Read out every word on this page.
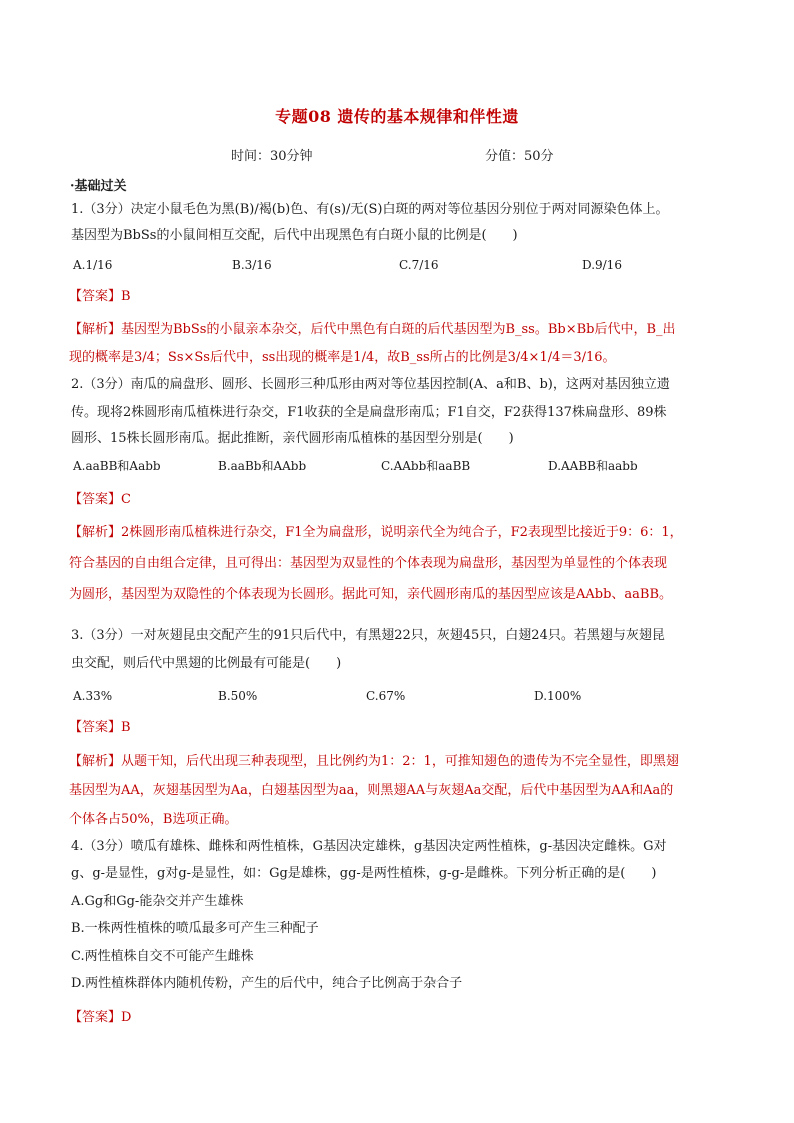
专题08 遗传的基本规律和伴性遗
时间：30分钟	分值：50分
·基础过关
1.（3分）决定小鼠毛色为黑(B)/褐(b)色、有(s)/无(S)白斑的两对等位基因分别位于两对同源染色体上。
基因型为BbSs的小鼠间相互交配，后代中出现黑色有白斑小鼠的比例是(　　)
A.1/16	B.3/16	C.7/16	D.9/16
【答案】B
【解析】基因型为BbSs的小鼠亲本杂交，后代中黑色有白斑的后代基因型为B_ss。Bb×Bb后代中，B_出
现的概率是3/4；Ss×Ss后代中，ss出现的概率是1/4，故B_ss所占的比例是3/4×1/4＝3/16。
2.（3分）南瓜的扁盘形、圆形、长圆形三种瓜形由两对等位基因控制(A、a和B、b)，这两对基因独立遗
传。现将2株圆形南瓜植株进行杂交，F1收获的全是扁盘形南瓜；F1自交，F2获得137株扁盘形、89株
圆形、15株长圆形南瓜。据此推断，亲代圆形南瓜植株的基因型分别是(　　)
A.aaBB和Aabb	B.aaBb和AAbb	C.AAbb和aaBB	D.AABB和aabb
【答案】C
【解析】2株圆形南瓜植株进行杂交，F1全为扁盘形，说明亲代全为纯合子，F2表现型比接近于9：6：1，
符合基因的自由组合定律，且可得出：基因型为双显性的个体表现为扁盘形，基因型为单显性的个体表现
为圆形，基因型为双隐性的个体表现为长圆形。据此可知，亲代圆形南瓜的基因型应该是AAbb、aaBB。
3.（3分）一对灰翅昆虫交配产生的91只后代中，有黑翅22只，灰翅45只，白翅24只。若黑翅与灰翅昆
虫交配，则后代中黑翅的比例最有可能是(　　)
A.33%	B.50%	C.67%	D.100%
【答案】B
【解析】从题干知，后代出现三种表现型，且比例约为1：2：1，可推知翅色的遗传为不完全显性，即黑翅
基因型为AA，灰翅基因型为Aa，白翅基因型为aa，则黑翅AA与灰翅Aa交配，后代中基因型为AA和Aa的
个体各占50%，B选项正确。
4.（3分）喷瓜有雄株、雌株和两性植株，G基因决定雄株，g基因决定两性植株，g-基因决定雌株。G对
g、g-是显性，g对g-是显性，如：Gg是雄株，gg-是两性植株，g-g-是雌株。下列分析正确的是(　　)
A.Gg和Gg-能杂交并产生雄株
B.一株两性植株的喷瓜最多可产生三种配子
C.两性植株自交不可能产生雌株
D.两性植株群体内随机传粉，产生的后代中，纯合子比例高于杂合子
【答案】D
